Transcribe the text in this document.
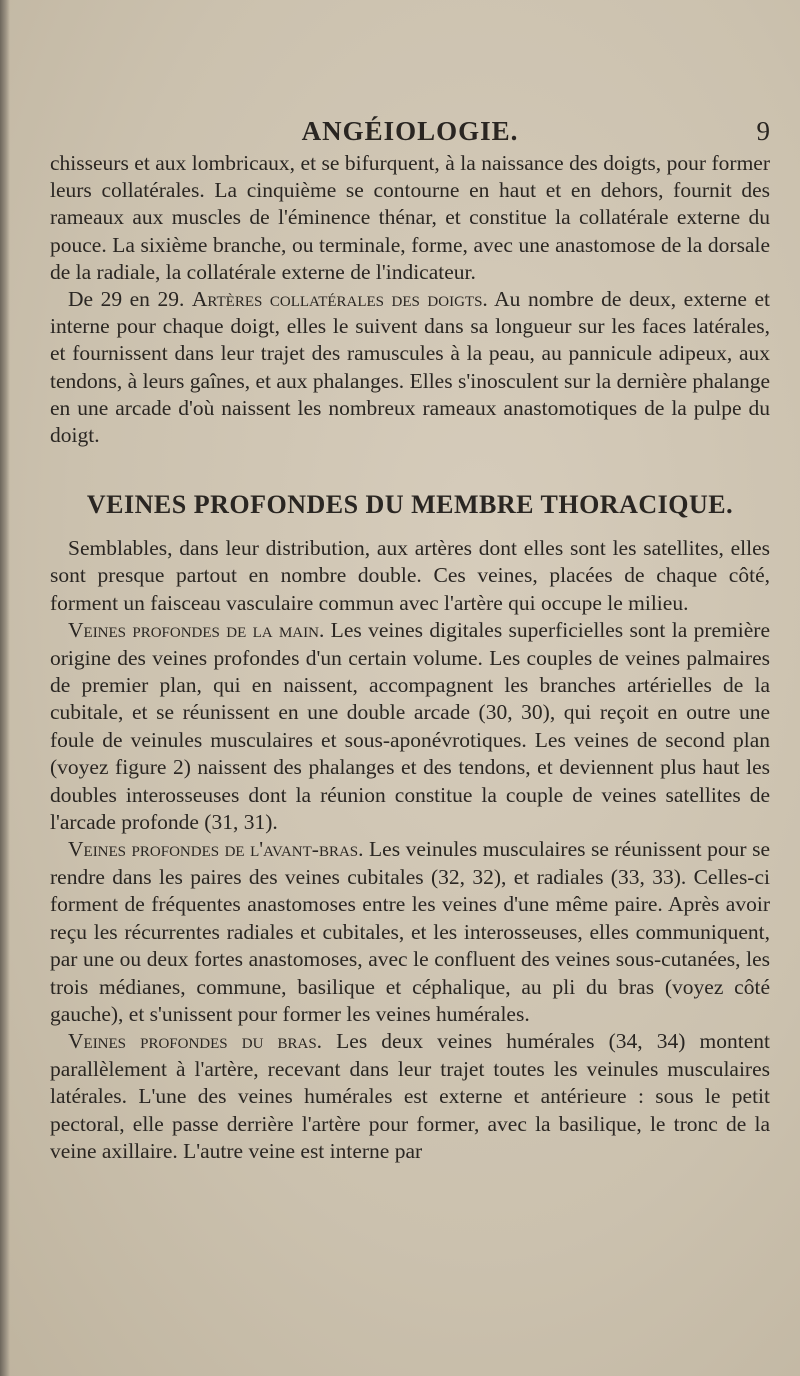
ANGÉIOLOGIE.	9

chisseurs et aux lombricaux, et se bifurquent, à la naissance des doigts, pour former leurs collatérales. La cinquième se contourne en haut et en dehors, fournit des rameaux aux muscles de l'éminence thénar, et constitue la collatérale externe du pouce. La sixième branche, ou terminale, forme, avec une anastomose de la dorsale de la radiale, la collatérale externe de l'indicateur.

De 29 en 29. Artères collatérales des doigts. Au nombre de deux, externe et interne pour chaque doigt, elles le suivent dans sa longueur sur les faces latérales, et fournissent dans leur trajet des ramuscules à la peau, au pannicule adipeux, aux tendons, à leurs gaînes, et aux phalanges. Elles s'inosculent sur la dernière phalange en une arcade d'où naissent les nombreux rameaux anastomotiques de la pulpe du doigt.

VEINES PROFONDES DU MEMBRE THORACIQUE.

Semblables, dans leur distribution, aux artères dont elles sont les satellites, elles sont presque partout en nombre double. Ces veines, placées de chaque côté, forment un faisceau vasculaire commun avec l'artère qui occupe le milieu.

Veines profondes de la main. Les veines digitales superficielles sont la première origine des veines profondes d'un certain volume. Les couples de veines palmaires de premier plan, qui en naissent, accompagnent les branches artérielles de la cubitale, et se réunissent en une double arcade (30, 30), qui reçoit en outre une foule de veinules musculaires et sous-aponévrotiques. Les veines de second plan (voyez figure 2) naissent des phalanges et des tendons, et deviennent plus haut les doubles interosseuses dont la réunion constitue la couple de veines satellites de l'arcade profonde (31, 31).

Veines profondes de l'avant-bras. Les veinules musculaires se réunissent pour se rendre dans les paires des veines cubitales (32, 32), et radiales (33, 33). Celles-ci forment de fréquentes anastomoses entre les veines d'une même paire. Après avoir reçu les récurrentes radiales et cubitales, et les interosseuses, elles communiquent, par une ou deux fortes anastomoses, avec le confluent des veines sous-cutanées, les trois médianes, commune, basilique et céphalique, au pli du bras (voyez côté gauche), et s'unissent pour former les veines humérales.

Veines profondes du bras. Les deux veines humérales (34, 34) montent parallèlement à l'artère, recevant dans leur trajet toutes les veinules musculaires latérales. L'une des veines humérales est externe et antérieure : sous le petit pectoral, elle passe derrière l'artère pour former, avec la basilique, le tronc de la veine axillaire. L'autre veine est interne par
